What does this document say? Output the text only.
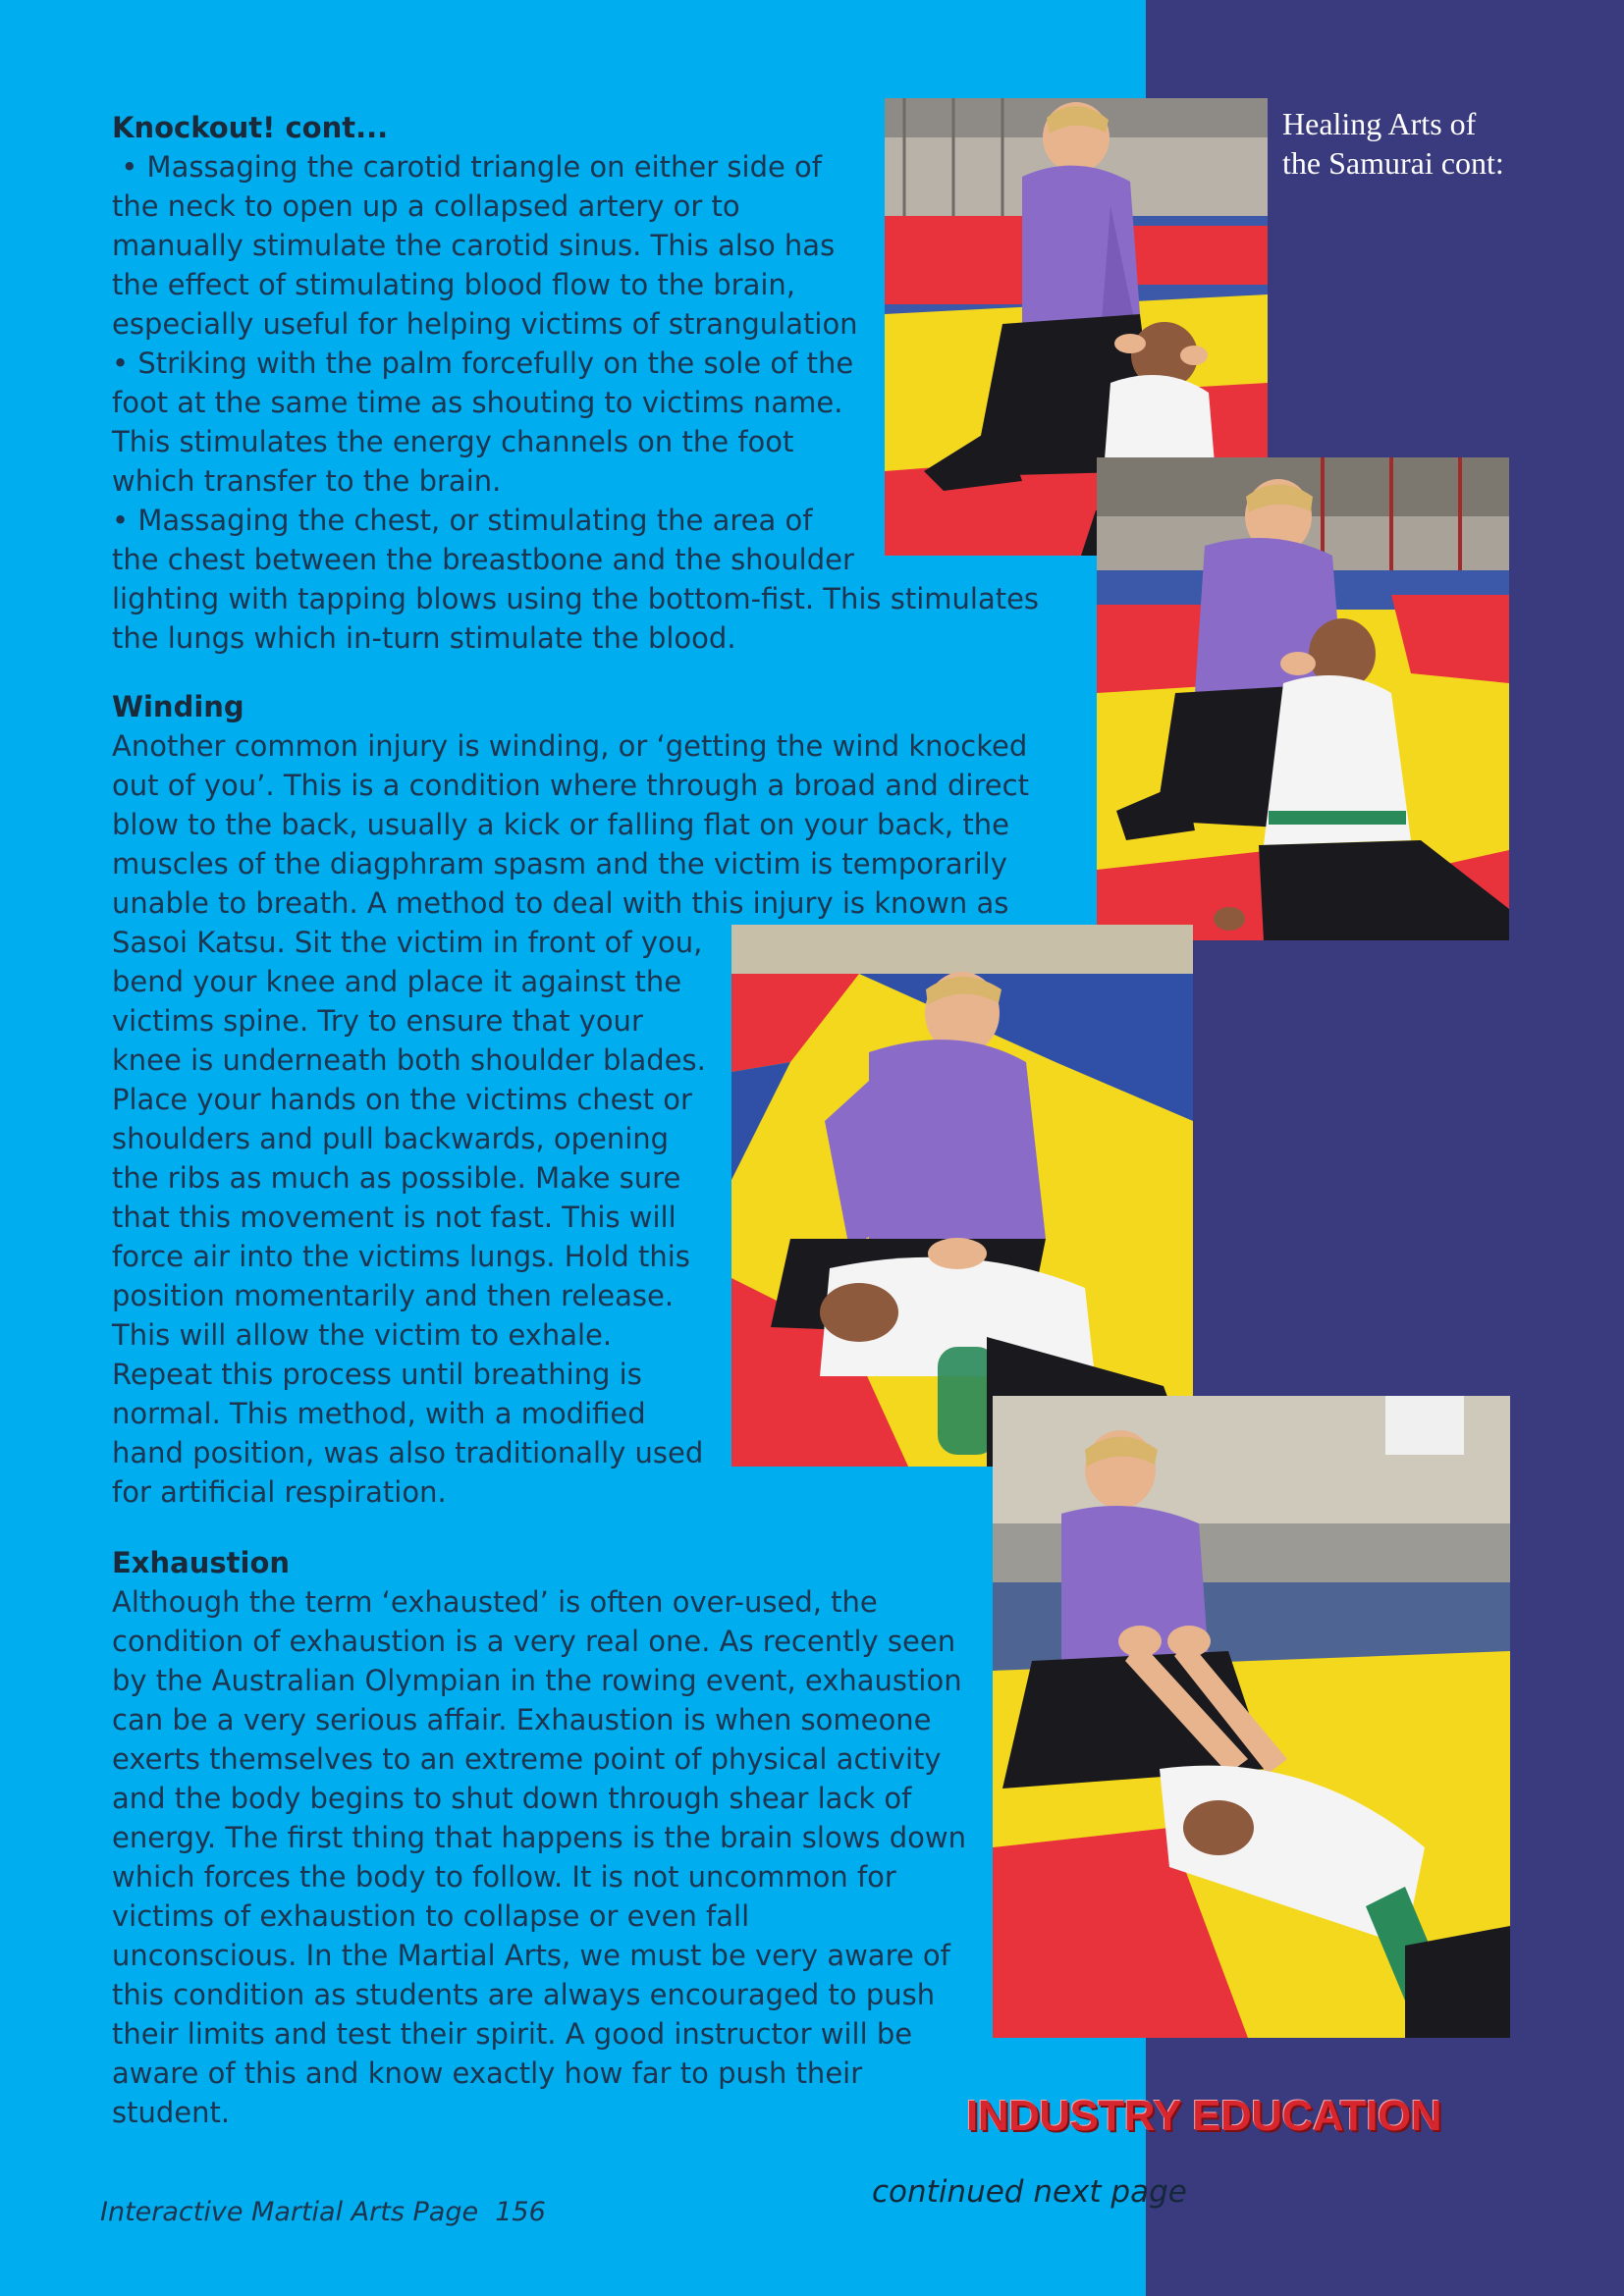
Healing Arts of
the Samurai cont:
Knockout! cont...
• Massaging the carotid triangle on either side of
the neck to open up a collapsed artery or to
manually stimulate the carotid sinus. This also has
the effect of stimulating blood flow to the brain,
especially useful for helping victims of strangulation
• Striking with the palm forcefully on the sole of the
foot at the same time as shouting to victims name.
This stimulates the energy channels on the foot
which transfer to the brain.
• Massaging the chest, or stimulating the area of
the chest between the breastbone and the shoulder
lighting with tapping blows using the bottom-fist. This stimulates
the lungs which in-turn stimulate the blood.
Winding
Another common injury is winding, or ‘getting the wind knocked
out of you’. This is a condition where through a broad and direct
blow to the back, usually a kick or falling flat on your back, the
muscles of the diagphram spasm and the victim is temporarily
unable to breath. A method to deal with this injury is known as
Sasoi Katsu. Sit the victim in front of you,
bend your knee and place it against the
victims spine. Try to ensure that your
knee is underneath both shoulder blades.
Place your hands on the victims chest or
shoulders and pull backwards, opening
the ribs as much as possible. Make sure
that this movement is not fast. This will
force air into the victims lungs. Hold this
position momentarily and then release.
This will allow the victim to exhale.
Repeat this process until breathing is
normal. This method, with a modified
hand position, was also traditionally used
for artificial respiration.
Exhaustion
Although the term ‘exhausted’ is often over-used, the
condition of exhaustion is a very real one. As recently seen
by the Australian Olympian in the rowing event, exhaustion
can be a very serious affair. Exhaustion is when someone
exerts themselves to an extreme point of physical activity
and the body begins to shut down through shear lack of
energy. The first thing that happens is the brain slows down
which forces the body to follow. It is not uncommon for
victims of exhaustion to collapse or even fall
unconscious. In the Martial Arts, we must be very aware of
this condition as students are always encouraged to push
their limits and test their spirit. A good instructor will be
aware of this and know exactly how far to push their
student.	INDUSTRY EDUCATION
continued next page
Interactive Martial Arts Page  156
